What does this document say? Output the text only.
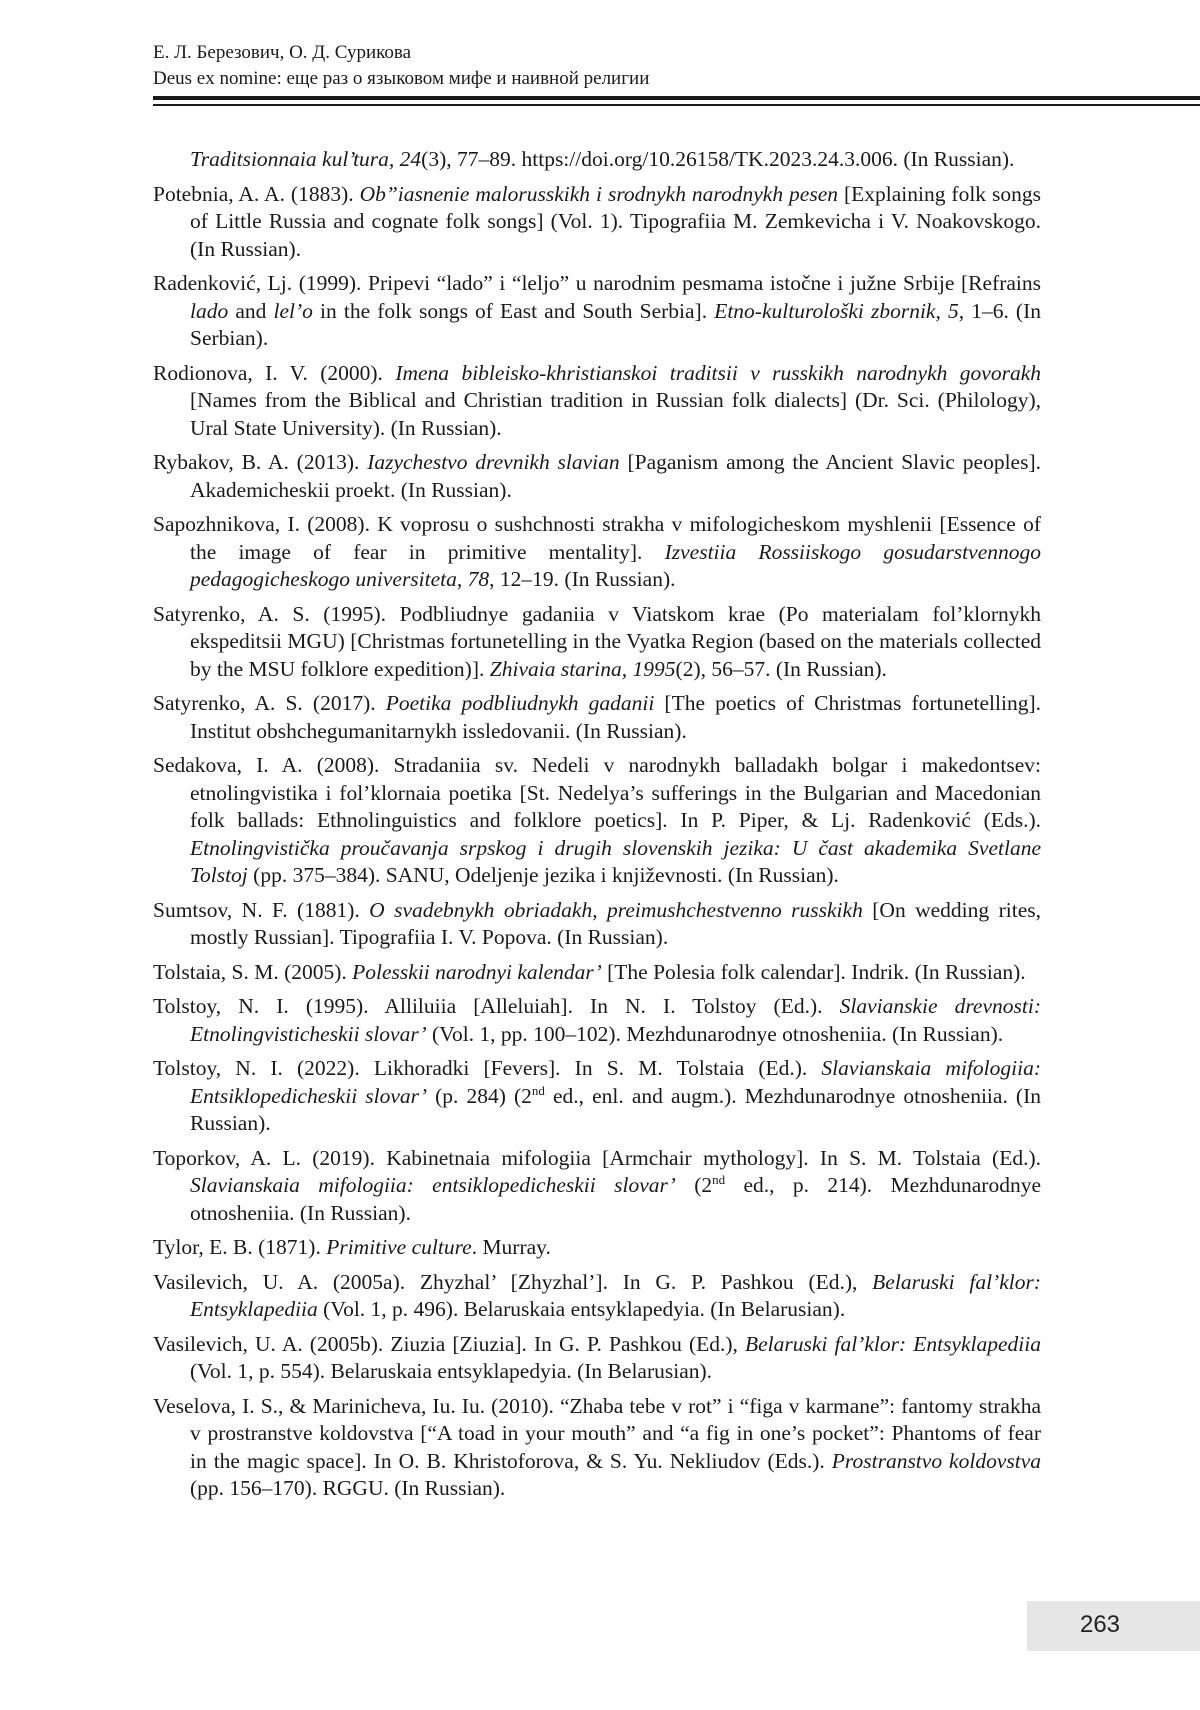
Е. Л. Березович, О. Д. Сурикова
Deus ex nomine: еще раз о языковом мифе и наивной религии
Traditsionnaia kul’tura, 24(3), 77–89. https://doi.org/10.26158/TK.2023.24.3.006. (In Russian).
Potebnia, A. A. (1883). Ob”iasnenie malorusskikh i srodnykh narodnykh pesen [Explaining folk songs of Little Russia and cognate folk songs] (Vol. 1). Tipografiia M. Zemkevicha i V. Noakovskogo. (In Russian).
Radenković, Lj. (1999). Pripevi “lado” i “leljo” u narodnim pesmama istočne i južne Srbije [Refrains lado and lel’o in the folk songs of East and South Serbia]. Etno-kulturološki zbornik, 5, 1–6. (In Serbian).
Rodionova, I. V. (2000). Imena bibleisko-khristianskoi traditsii v russkikh narodnykh govorakh [Names from the Biblical and Christian tradition in Russian folk dialects] (Dr. Sci. (Philology), Ural State University). (In Russian).
Rybakov, B. A. (2013). Iazychestvo drevnikh slavian [Paganism among the Ancient Slavic peoples]. Akademicheskii proekt. (In Russian).
Sapozhnikova, I. (2008). K voprosu o sushchnosti strakha v mifologicheskom myshlenii [Essence of the image of fear in primitive mentality]. Izvestiia Rossiiskogo gosudarstvennogo pedagogicheskogo universiteta, 78, 12–19. (In Russian).
Satyrenko, A. S. (1995). Podbliudnye gadaniia v Viatskom krae (Po materialam fol’klornykh ekspeditsii MGU) [Christmas fortunetelling in the Vyatka Region (based on the materials collected by the MSU folklore expedition)]. Zhivaia starina, 1995(2), 56–57. (In Russian).
Satyrenko, A. S. (2017). Poetika podbliudnykh gadanii [The poetics of Christmas fortunetelling]. Institut obshchegumanitarnykh issledovanii. (In Russian).
Sedakova, I. A. (2008). Stradaniia sv. Nedeli v narodnykh balladakh bolgar i makedontsev: etnolingvistika i fol’klornaia poetika [St. Nedelya’s sufferings in the Bulgarian and Macedonian folk ballads: Ethnolinguistics and folklore poetics]. In P. Piper, & Lj. Radenković (Eds.). Etnolingvistička proučavanja srpskog i drugih slovenskih jezika: U čast akademika Svetlane Tolstoj (pp. 375–384). SANU, Odeljenje jezika i književnosti. (In Russian).
Sumtsov, N. F. (1881). O svadebnykh obriadakh, preimushchestvenno russkikh [On wedding rites, mostly Russian]. Tipografiia I. V. Popova. (In Russian).
Tolstaia, S. M. (2005). Polesskii narodnyi kalendar’ [The Polesia folk calendar]. Indrik. (In Russian).
Tolstoy, N. I. (1995). Alliluiia [Alleluiah]. In N. I. Tolstoy (Ed.). Slavianskie drevnosti: Etnolingvisticheskii slovar’ (Vol. 1, pp. 100–102). Mezhdunarodnye otnosheniia. (In Russian).
Tolstoy, N. I. (2022). Likhoradki [Fevers]. In S. M. Tolstaia (Ed.). Slavianskaia mifologiia: Entsiklopedicheskii slovar’ (p. 284) (2nd ed., enl. and augm.). Mezhdunarodnye otnosheniia. (In Russian).
Toporkov, A. L. (2019). Kabinetnaia mifologiia [Armchair mythology]. In S. M. Tolstaia (Ed.). Slavianskaia mifologiia: entsiklopedicheskii slovar’ (2nd ed., p. 214). Mezhdunarodnye otnosheniia. (In Russian).
Tylor, E. B. (1871). Primitive culture. Murray.
Vasilevich, U. A. (2005a). Zhyzhal’ [Zhyzhal’]. In G. P. Pashkou (Ed.), Belaruski fal’klor: Entsyklapediia (Vol. 1, p. 496). Belaruskaia entsyklapedyia. (In Belarusian).
Vasilevich, U. A. (2005b). Ziuzia [Ziuzia]. In G. P. Pashkou (Ed.), Belaruski fal’klor: Entsyklapediia (Vol. 1, p. 554). Belaruskaia entsyklapedyia. (In Belarusian).
Veselova, I. S., & Marinicheva, Iu. Iu. (2010). “Zhaba tebe v rot” i “figa v karmane”: fantomy strakha v prostranstve koldovstva [“A toad in your mouth” and “a fig in one’s pocket”: Phantoms of fear in the magic space]. In O. B. Khristoforova, & S. Yu. Nekliudov (Eds.). Prostranstvo koldovstva (pp. 156–170). RGGU. (In Russian).
263
